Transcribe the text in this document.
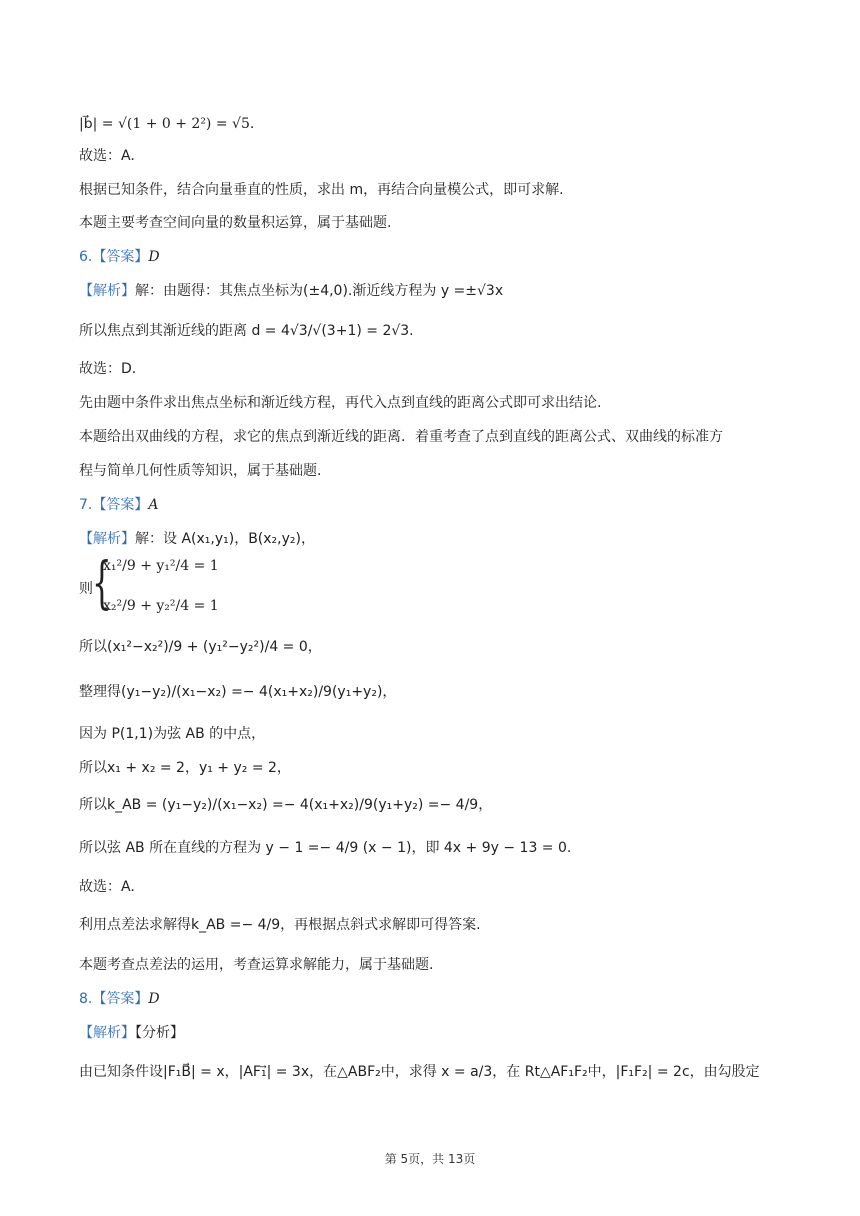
|b⃗| = √(1 + 0 + 2²) = √5.
故选：A.
根据已知条件，结合向量垂直的性质，求出 m，再结合向量模公式，即可求解.
本题主要考查空间向量的数量积运算，属于基础题.
6.【答案】D
【解析】解：由题得：其焦点坐标为(±4,0).渐近线方程为 y =±√3x
所以焦点到其渐近线的距离 d = 4√3/√(3+1) = 2√3.
故选：D.
先由题中条件求出焦点坐标和渐近线方程，再代入点到直线的距离公式即可求出结论.
本题给出双曲线的方程，求它的焦点到渐近线的距离．着重考查了点到直线的距离公式、双曲线的标准方
程与简单几何性质等知识，属于基础题.
7.【答案】A
【解析】解：设 A(x₁,y₁)，B(x₂,y₂)，
则 {
x₁²/9 + y₁²/4 = 1
x₂²/9 + y₂²/4 = 1
所以(x₁²−x₂²)/9 + (y₁²−y₂²)/4 = 0，
整理得(y₁−y₂)/(x₁−x₂) =− 4(x₁+x₂)/9(y₁+y₂)，
因为 P(1,1)为弦 AB 的中点，
所以x₁ + x₂ = 2，y₁ + y₂ = 2，
所以k_AB = (y₁−y₂)/(x₁−x₂) =− 4(x₁+x₂)/9(y₁+y₂) =− 4/9，
所以弦 AB 所在直线的方程为 y − 1 =− 4/9 (x − 1)，即 4x + 9y − 13 = 0.
故选：A.
利用点差法求解得k_AB =− 4/9，再根据点斜式求解即可得答案.
本题考查点差法的运用，考查运算求解能力，属于基础题.
8.【答案】D
【解析】【分析】
由已知条件设|F₁B⃗| = x，|AF₁⃗| = 3x，在△ABF₂中，求得 x = a/3，在 Rt△AF₁F₂中，|F₁F₂| = 2c，由勾股定
第 5页，共 13页
